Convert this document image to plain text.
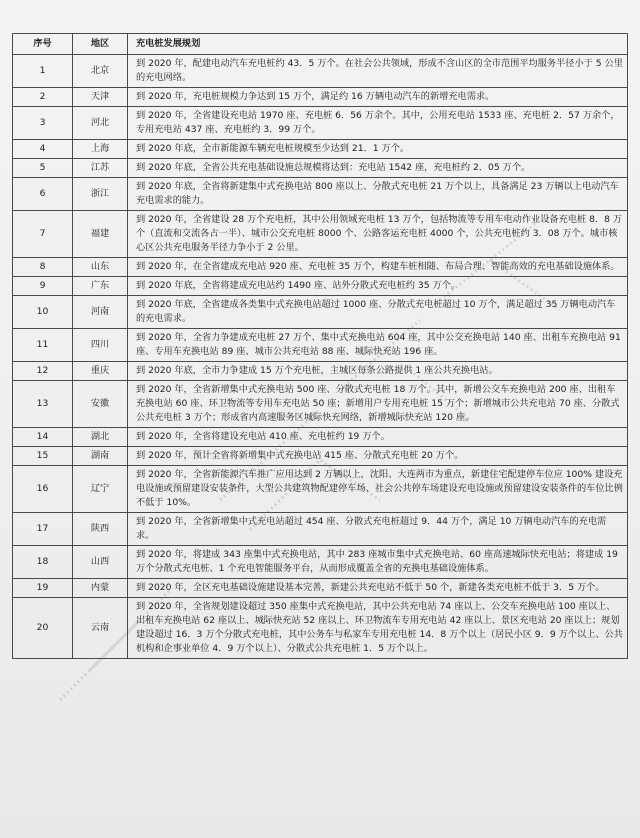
序号	地区	充电桩发展规划
1	北京	到 2020 年，配建电动汽车充电桩约 43．5 万个。在社会公共领域，形成不含山区的全市范围平均服务半径小于 5 公里的充电网络。
2	天津	到 2020 年，充电桩规模力争达到 15 万个，满足约 16 万辆电动汽车的新增充电需求。
3	河北	到 2020 年，全省建设充电站 1970 座、充电桩 6．56 万余个。其中，公用充电站 1533 座、充电桩 2．57 万余个，专用充电站 437 座、充电桩约 3．99 万个。
4	上海	到 2020 年底，全市新能源车辆充电桩规模至少达到 21．1 万个。
5	江苏	到 2020 年底，全省公共充电基础设施总规模将达到：充电站 1542 座，充电桩约 2．05 万个。
6	浙江	到 2020 年底，全省将新建集中式充换电站 800 座以上、分散式充电桩 21 万个以上，具备满足 23 万辆以上电动汽车充电需求的能力。
7	福建	到 2020 年，全省建设 28 万个充电桩，其中公用领域充电桩 13 万个，包括物流等专用车电动作业设备充电桩 8．8 万个（直流和交流各占一半）、城市公交充电桩 8000 个、公路客运充电桩 4000 个，公共充电桩约 3．08 万个。城市核心区公共充电服务半径力争小于 2 公里。
8	山东	到 2020 年，在全省建成充电站 920 座、充电桩 35 万个，构建车桩相随、布局合理、智能高效的充电基础设施体系。
9	广东	到 2020 年底，全省将建成充电站约 1490 座、站外分散式充电桩约 35 万个。
10	河南	到 2020 年底，全省建成各类集中式充换电站超过 1000 座、分散式充电桩超过 10 万个，满足超过 35 万辆电动汽车的充电需求。
11	四川	到 2020 年，全省力争建成充电桩 27 万个、集中式充换电站 604 座，其中公交充换电站 140 座、出租车充换电站 91 座、专用车充换电站 89 座、城市公共充电站 88 座、城际快充站 196 座。
12	重庆	到 2020 年底，全市力争建成 15 万个充电桩，主城区每条公路提供 1 座公共充换电站。
13	安徽	到 2020 年，全省新增集中式充换电站 500 座、分散式充电桩 18 万个。其中，新增公交车充换电站 200 座、出租车充换电站 60 座、环卫物流等专用车充电站 50 座；新增用户专用充电桩 15 万个；新增城市公共充电站 70 座、分散式公共充电桩 3 万个；形成省内高速服务区城际快充网络，新增城际快充站 120 座。
14	湖北	到 2020 年，全省将建设充电站 410 座、充电桩约 19 万个。
15	湖南	到 2020 年，预计全省将新增集中式充换电站 415 座、分散式充电桩 20 万个。
16	辽宁	到 2020 年，全省新能源汽车推广应用达到 2 万辆以上，沈阳、大连两市为重点，新建住宅配建停车位应 100% 建设充电设施或预留建设安装条件，大型公共建筑物配建停车场、社会公共停车场建设充电设施或预留建设安装条件的车位比例不低于 10%。
17	陕西	到 2020 年，全省新增集中式充电站超过 454 座、分散式充电桩超过 9．44 万个，满足 10 万辆电动汽车的充电需求。
18	山西	到 2020 年，将建成 343 座集中式充换电站，其中 283 座城市集中式充换电站、60 座高速城际快充电站；将建成 19 万个分散式充电桩、1 个充电智能服务平台，从而形成覆盖全省的充换电基础设施体系。
19	内蒙	到 2020 年，全区充电基础设施建设基本完善，新建公共充电站不低于 50 个，新建各类充电桩不低于 3．5 万个。
20	云南	到 2020 年，全省规划建设超过 350 座集中式充换电站，其中公共充电站 74 座以上、公交车充换电站 100 座以上、出租车充换电站 62 座以上、城际快充站 52 座以上、环卫物流车专用充电站 42 座以上、景区充电站 20 座以上；规划建设超过 16．3 万个分散式充电桩，其中公务车与私家车专用充电桩 14．8 万个以上（居民小区 9．9 万个以上、公共机构和企事业单位 4．9 万个以上）、分散式公共充电桩 1．5 万个以上。
